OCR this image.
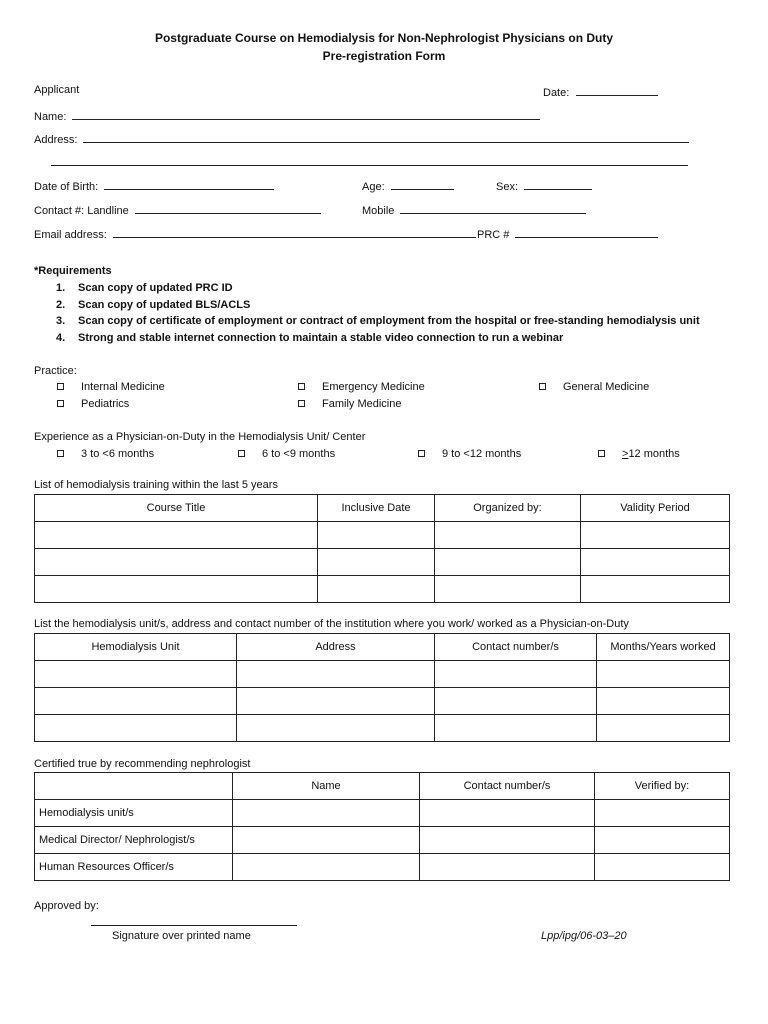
Postgraduate Course on Hemodialysis for Non-Nephrologist Physicians on Duty
Pre-registration Form
Applicant	Date:
Name:
Address:
Date of Birth:	Age:	Sex:
Contact #: Landline	Mobile
Email address:	PRC #
*Requirements
1. Scan copy of updated PRC ID
2. Scan copy of updated BLS/ACLS
3. Scan copy of certificate of employment or contract of employment from the hospital or free-standing hemodialysis unit
4. Strong and stable internet connection to maintain a stable video connection to run a webinar
Practice:
Internal Medicine	Emergency Medicine	General Medicine
Pediatrics	Family Medicine
Experience as a Physician-on-Duty in the Hemodialysis Unit/ Center
3 to <6 months	6 to <9 months	9 to <12 months	>12 months
List of hemodialysis training within the last 5 years
Course Title	Inclusive Date	Organized by:	Validity Period

List the hemodialysis unit/s, address and contact number of the institution where you work/ worked as a Physician-on-Duty
Hemodialysis Unit	Address	Contact number/s	Months/Years worked

Certified true by recommending nephrologist
	Name	Contact number/s	Verified by:
Hemodialysis unit/s			
Medical Director/ Nephrologist/s			
Human Resources Officer/s			
Approved by:
Signature over printed name	Lpp/ipg/06-03–20
